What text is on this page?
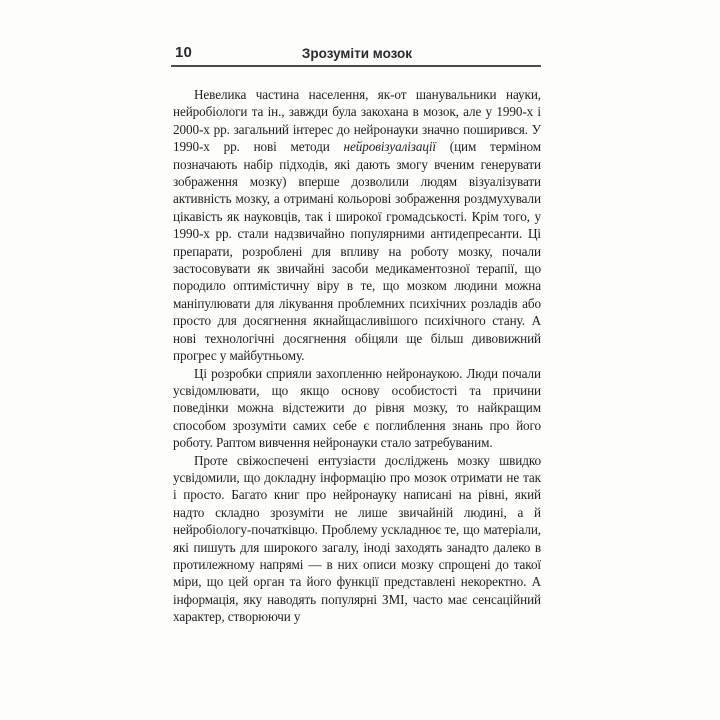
10	Зрозуміти мозок

Невелика частина населення, як-от шанувальники науки, нейробіологи та ін., завжди була закохана в мозок, але у 1990-х і 2000-х рр. загальний інтерес до нейронауки значно поширився. У 1990-х рр. нові методи нейровізуалізації (цим терміном позначають набір підходів, які дають змогу вченим генерувати зображення мозку) вперше дозволили людям візуалізувати активність мозку, а отримані кольорові зображення роздмухували цікавість як науковців, так і широкої громадськості. Крім того, у 1990-х рр. стали надзвичайно популярними антидепресанти. Ці препарати, розроблені для впливу на роботу мозку, почали застосовувати як звичайні засоби медикаментозної терапії, що породило оптимістичну віру в те, що мозком людини можна маніпулювати для лікування проблемних психічних розладів або просто для досягнення якнайщасливішого психічного стану. А нові технологічні досягнення обіцяли ще більш дивовижний прогрес у майбутньому.

Ці розробки сприяли захопленню нейронаукою. Люди почали усвідомлювати, що якщо основу особистості та причини поведінки можна відстежити до рівня мозку, то найкращим способом зрозуміти самих себе є поглиблення знань про його роботу. Раптом вивчення нейронауки стало затребуваним.

Проте свіжоспечені ентузіасти досліджень мозку швидко усвідомили, що докладну інформацію про мозок отримати не так і просто. Багато книг про нейронауку написані на рівні, який надто складно зрозуміти не лише звичайній людині, а й нейробіологу-початківцю. Проблему ускладнює те, що матеріали, які пишуть для широкого загалу, іноді заходять занадто далеко в протилежному напрямі — в них описи мозку спрощені до такої міри, що цей орган та його функції представлені некоректно. А інформація, яку наводять популярні ЗМІ, часто має сенсаційний характер, створюючи у
